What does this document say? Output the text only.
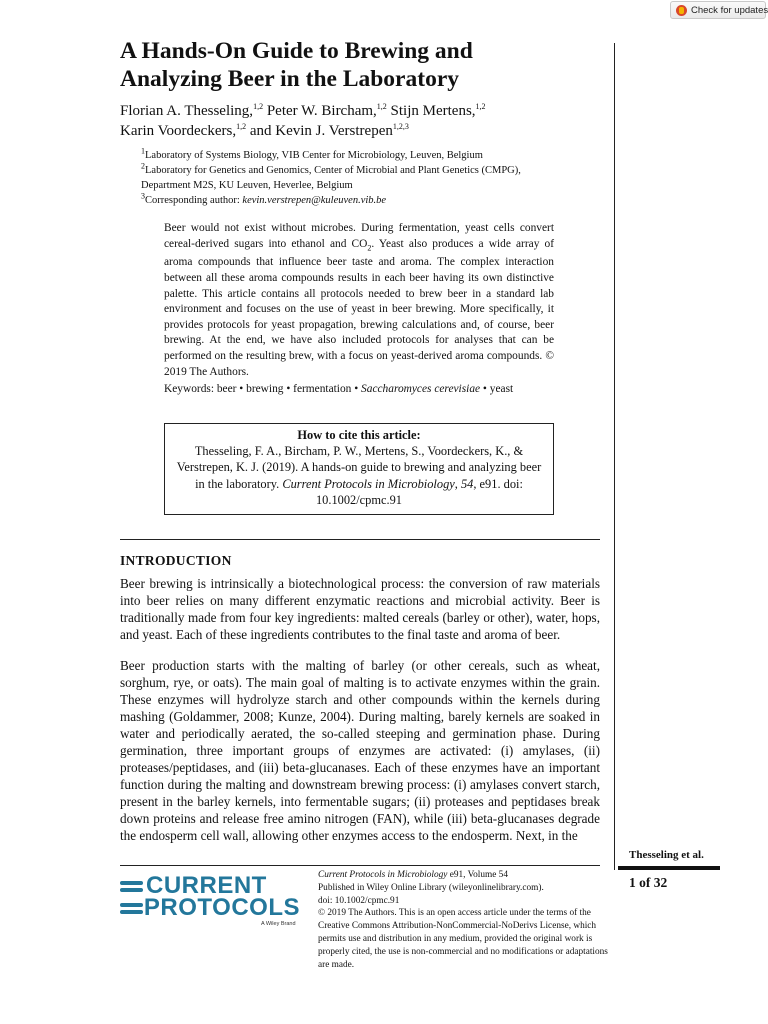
Check for updates
A Hands-On Guide to Brewing and
Analyzing Beer in the Laboratory
Florian A. Thesseling,$^{1,2}$ Peter W. Bircham,$^{1,2}$ Stijn Mertens,$^{1,2}$
Karin Voordeckers,$^{1,2}$ and Kevin J. Verstrepen$^{1,2,3}$
$^1$Laboratory of Systems Biology, VIB Center for Microbiology, Leuven, Belgium
$^2$Laboratory for Genetics and Genomics, Center of Microbial and Plant Genetics (CMPG),
Department M2S, KU Leuven, Heverlee, Belgium
$^3$Corresponding author: kevin.verstrepen@kuleuven.vib.be
Beer would not exist without microbes. During fermentation, yeast cells convert cereal-derived sugars into ethanol and $CO_2$. Yeast also produces a wide array of aroma compounds that influence beer taste and aroma. The complex interaction between all these aroma compounds results in each beer having its own distinctive palette. This article contains all protocols needed to brew beer in a standard lab environment and focuses on the use of yeast in beer brewing. More specifically, it provides protocols for yeast propagation, brewing calculations and, of course, beer brewing. At the end, we have also included protocols for analyses that can be performed on the resulting brew, with a focus on yeast-derived aroma compounds. © 2019 The Authors.
Keywords: beer • brewing • fermentation • Saccharomyces cerevisiae • yeast
How to cite this article:
Thesseling, F. A., Bircham, P. W., Mertens, S., Voordeckers, K., & Verstrepen, K. J. (2019). A hands-on guide to brewing and analyzing beer in the laboratory. Current Protocols in Microbiology, 54, e91. doi: 10.1002/cpmc.91
INTRODUCTION
Beer brewing is intrinsically a biotechnological process: the conversion of raw materials into beer relies on many different enzymatic reactions and microbial activity. Beer is traditionally made from four key ingredients: malted cereals (barley or other), water, hops, and yeast. Each of these ingredients contributes to the final taste and aroma of beer.
Beer production starts with the malting of barley (or other cereals, such as wheat, sorghum, rye, or oats). The main goal of malting is to activate enzymes within the grain. These enzymes will hydrolyze starch and other compounds within the kernels during mashing (Goldammer, 2008; Kunze, 2004). During malting, barely kernels are soaked in water and periodically aerated, the so-called steeping and germination phase. During germination, three important groups of enzymes are activated: (i) amylases, (ii) proteases/peptidases, and (iii) beta-glucanases. Each of these enzymes have an important function during the malting and downstream brewing process: (i) amylases convert starch, present in the barley kernels, into fermentable sugars; (ii) proteases and peptidases break down proteins and release free amino nitrogen (FAN), while (iii) beta-glucanases degrade the endosperm cell wall, allowing other enzymes access to the endosperm. Next, in the
Thesseling et al.
1 of 32
CURRENT
PROTOCOLS
A Wiley Brand
Current Protocols in Microbiology e91, Volume 54
Published in Wiley Online Library (wileyonlinelibrary.com).
doi: 10.1002/cpmc.91
© 2019 The Authors. This is an open access article under the terms of the Creative Commons Attribution-NonCommercial-NoDerivs License, which permits use and distribution in any medium, provided the original work is properly cited, the use is non-commercial and no modifications or adaptations are made.
